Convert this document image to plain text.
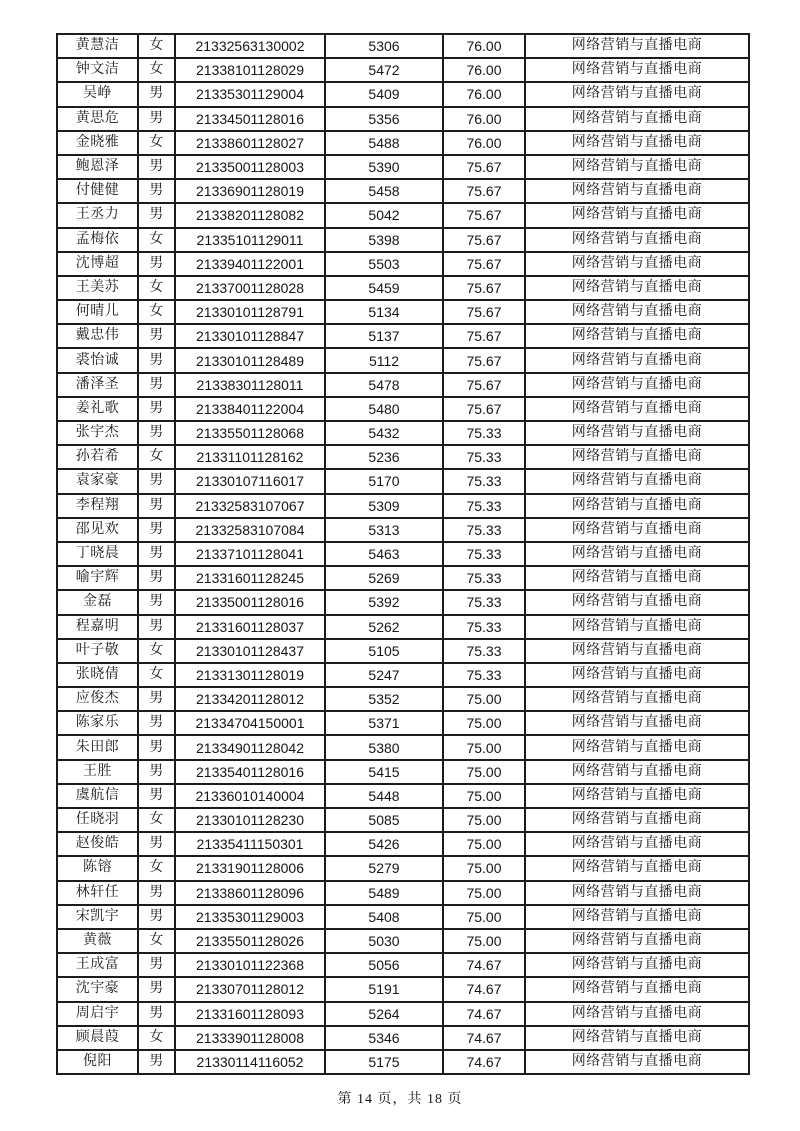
黄慧洁	女	21332563130002	5306	76.00	网络营销与直播电商
钟文洁	女	21338101128029	5472	76.00	网络营销与直播电商
吴峥	男	21335301129004	5409	76.00	网络营销与直播电商
黄思危	男	21334501128016	5356	76.00	网络营销与直播电商
金晓雅	女	21338601128027	5488	76.00	网络营销与直播电商
鲍恩泽	男	21335001128003	5390	75.67	网络营销与直播电商
付健健	男	21336901128019	5458	75.67	网络营销与直播电商
王丞力	男	21338201128082	5042	75.67	网络营销与直播电商
孟梅依	女	21335101129011	5398	75.67	网络营销与直播电商
沈博超	男	21339401122001	5503	75.67	网络营销与直播电商
王美苏	女	21337001128028	5459	75.67	网络营销与直播电商
何晴儿	女	21330101128791	5134	75.67	网络营销与直播电商
戴忠伟	男	21330101128847	5137	75.67	网络营销与直播电商
裘怡诚	男	21330101128489	5112	75.67	网络营销与直播电商
潘泽圣	男	21338301128011	5478	75.67	网络营销与直播电商
姜礼歌	男	21338401122004	5480	75.67	网络营销与直播电商
张宇杰	男	21335501128068	5432	75.33	网络营销与直播电商
孙若希	女	21331101128162	5236	75.33	网络营销与直播电商
袁家豪	男	21330107116017	5170	75.33	网络营销与直播电商
李程翔	男	21332583107067	5309	75.33	网络营销与直播电商
邵见欢	男	21332583107084	5313	75.33	网络营销与直播电商
丁晓晨	男	21337101128041	5463	75.33	网络营销与直播电商
喻宇辉	男	21331601128245	5269	75.33	网络营销与直播电商
金磊	男	21335001128016	5392	75.33	网络营销与直播电商
程嘉明	男	21331601128037	5262	75.33	网络营销与直播电商
叶子敬	女	21330101128437	5105	75.33	网络营销与直播电商
张晓倩	女	21331301128019	5247	75.33	网络营销与直播电商
应俊杰	男	21334201128012	5352	75.00	网络营销与直播电商
陈家乐	男	21334704150001	5371	75.00	网络营销与直播电商
朱田郎	男	21334901128042	5380	75.00	网络营销与直播电商
王胜	男	21335401128016	5415	75.00	网络营销与直播电商
虞航信	男	21336010140004	5448	75.00	网络营销与直播电商
任晓羽	女	21330101128230	5085	75.00	网络营销与直播电商
赵俊皓	男	21335411150301	5426	75.00	网络营销与直播电商
陈镕	女	21331901128006	5279	75.00	网络营销与直播电商
林轩任	男	21338601128096	5489	75.00	网络营销与直播电商
宋凯宇	男	21335301129003	5408	75.00	网络营销与直播电商
黄薇	女	21335501128026	5030	75.00	网络营销与直播电商
王成富	男	21330101122368	5056	74.67	网络营销与直播电商
沈宇豪	男	21330701128012	5191	74.67	网络营销与直播电商
周启宇	男	21331601128093	5264	74.67	网络营销与直播电商
顾晨葭	女	21333901128008	5346	74.67	网络营销与直播电商
倪阳	男	21330114116052	5175	74.67	网络营销与直播电商
第 14 页，共 18 页
